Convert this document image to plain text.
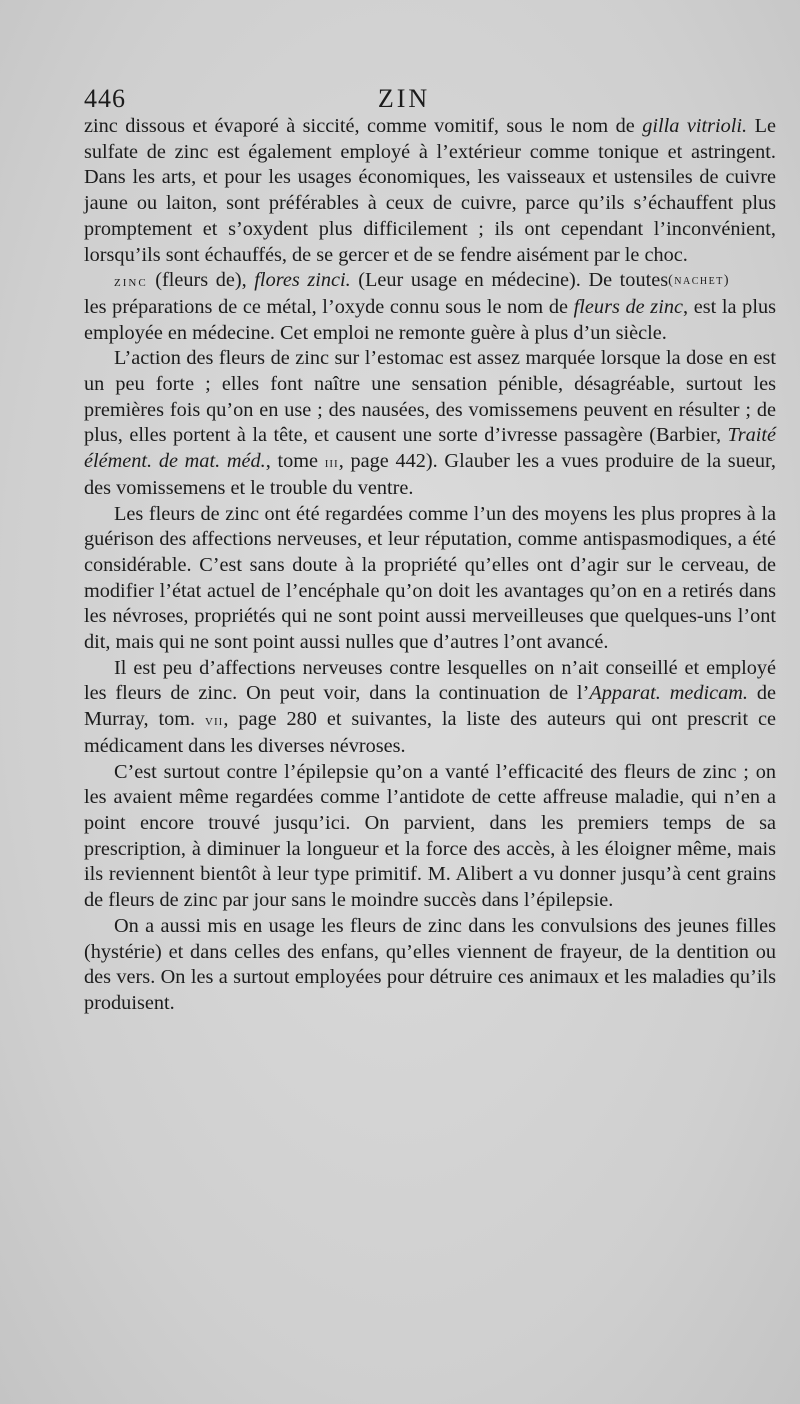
446	ZIN

zinc dissous et évaporé à siccité, comme vomitif, sous le nom de gilla vitrioli. Le sulfate de zinc est également employé à l’extérieur comme tonique et astringent. Dans les arts, et pour les usages économiques, les vaisseaux et ustensiles de cuivre jaune ou laiton, sont préférables à ceux de cuivre, parce qu’ils s’échauffent plus promptement et s’oxydent plus difficilement ; ils ont cependant l’inconvénient, lorsqu’ils sont échauffés, de se gercer et de se fendre aisément par le choc.
(nachet)

zinc (fleurs de), flores zinci. (Leur usage en médecine). De toutes les préparations de ce métal, l’oxyde connu sous le nom de fleurs de zinc, est la plus employée en médecine. Cet emploi ne remonte guère à plus d’un siècle.

L’action des fleurs de zinc sur l’estomac est assez marquée lorsque la dose en est un peu forte ; elles font naître une sensation pénible, désagréable, surtout les premières fois qu’on en use ; des nausées, des vomissemens peuvent en résulter ; de plus, elles portent à la tête, et causent une sorte d’ivresse passagère (Barbier, Traité élément. de mat. méd., tome iii, page 442). Glauber les a vues produire de la sueur, des vomissemens et le trouble du ventre.

Les fleurs de zinc ont été regardées comme l’un des moyens les plus propres à la guérison des affections nerveuses, et leur réputation, comme antispasmodiques, a été considérable. C’est sans doute à la propriété qu’elles ont d’agir sur le cerveau, de modifier l’état actuel de l’encéphale qu’on doit les avantages qu’on en a retirés dans les névroses, propriétés qui ne sont point aussi merveilleuses que quelques-uns l’ont dit, mais qui ne sont point aussi nulles que d’autres l’ont avancé.

Il est peu d’affections nerveuses contre lesquelles on n’ait conseillé et employé les fleurs de zinc. On peut voir, dans la continuation de l’Apparat. medicam. de Murray, tom. vii, page 280 et suivantes, la liste des auteurs qui ont prescrit ce médicament dans les diverses névroses.

C’est surtout contre l’épilepsie qu’on a vanté l’efficacité des fleurs de zinc ; on les avaient même regardées comme l’antidote de cette affreuse maladie, qui n’en a point encore trouvé jusqu’ici. On parvient, dans les premiers temps de sa prescription, à diminuer la longueur et la force des accès, à les éloigner même, mais ils reviennent bientôt à leur type primitif. M. Alibert a vu donner jusqu’à cent grains de fleurs de zinc par jour sans le moindre succès dans l’épilepsie.

On a aussi mis en usage les fleurs de zinc dans les convulsions des jeunes filles (hystérie) et dans celles des enfans, qu’elles viennent de frayeur, de la dentition ou des vers. On les a surtout employées pour détruire ces animaux et les maladies qu’ils produisent.
